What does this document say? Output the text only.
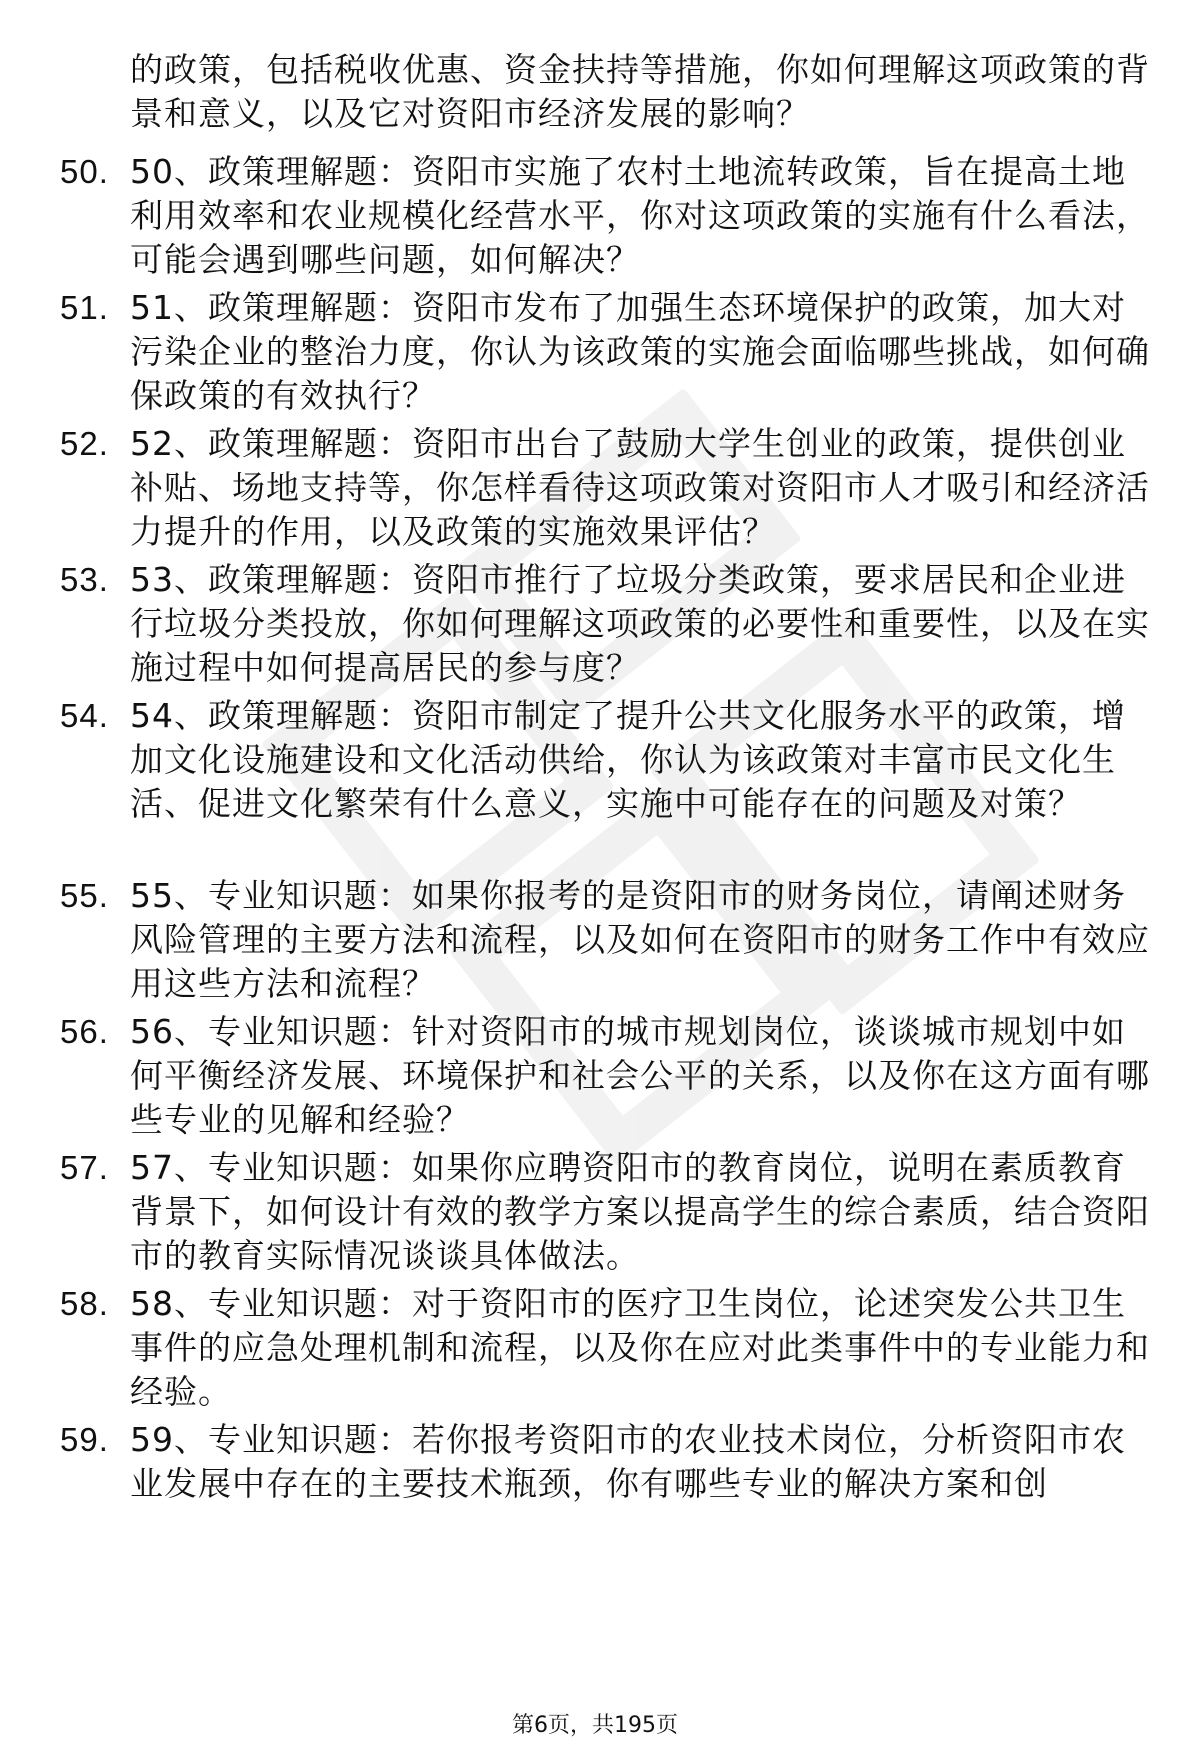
的政策，包括税收优惠、资金扶持等措施，你如何理解这项政策的背景和意义，以及它对资阳市经济发展的影响？
50. 50、政策理解题：资阳市实施了农村土地流转政策，旨在提高土地利用效率和农业规模化经营水平，你对这项政策的实施有什么看法，可能会遇到哪些问题，如何解决？
51. 51、政策理解题：资阳市发布了加强生态环境保护的政策，加大对污染企业的整治力度，你认为该政策的实施会面临哪些挑战，如何确保政策的有效执行？
52. 52、政策理解题：资阳市出台了鼓励大学生创业的政策，提供创业补贴、场地支持等，你怎样看待这项政策对资阳市人才吸引和经济活力提升的作用，以及政策的实施效果评估？
53. 53、政策理解题：资阳市推行了垃圾分类政策，要求居民和企业进行垃圾分类投放，你如何理解这项政策的必要性和重要性，以及在实施过程中如何提高居民的参与度？
54. 54、政策理解题：资阳市制定了提升公共文化服务水平的政策，增加文化设施建设和文化活动供给，你认为该政策对丰富市民文化生活、促进文化繁荣有什么意义，实施中可能存在的问题及对策？
55. 55、专业知识题：如果你报考的是资阳市的财务岗位，请阐述财务风险管理的主要方法和流程，以及如何在资阳市的财务工作中有效应用这些方法和流程？
56. 56、专业知识题：针对资阳市的城市规划岗位，谈谈城市规划中如何平衡经济发展、环境保护和社会公平的关系，以及你在这方面有哪些专业的见解和经验？
57. 57、专业知识题：如果你应聘资阳市的教育岗位，说明在素质教育背景下，如何设计有效的教学方案以提高学生的综合素质，结合资阳市的教育实际情况谈谈具体做法。
58. 58、专业知识题：对于资阳市的医疗卫生岗位，论述突发公共卫生事件的应急处理机制和流程，以及你在应对此类事件中的专业能力和经验。
59. 59、专业知识题：若你报考资阳市的农业技术岗位，分析资阳市农业发展中存在的主要技术瓶颈，你有哪些专业的解决方案和创
第6页，共195页
